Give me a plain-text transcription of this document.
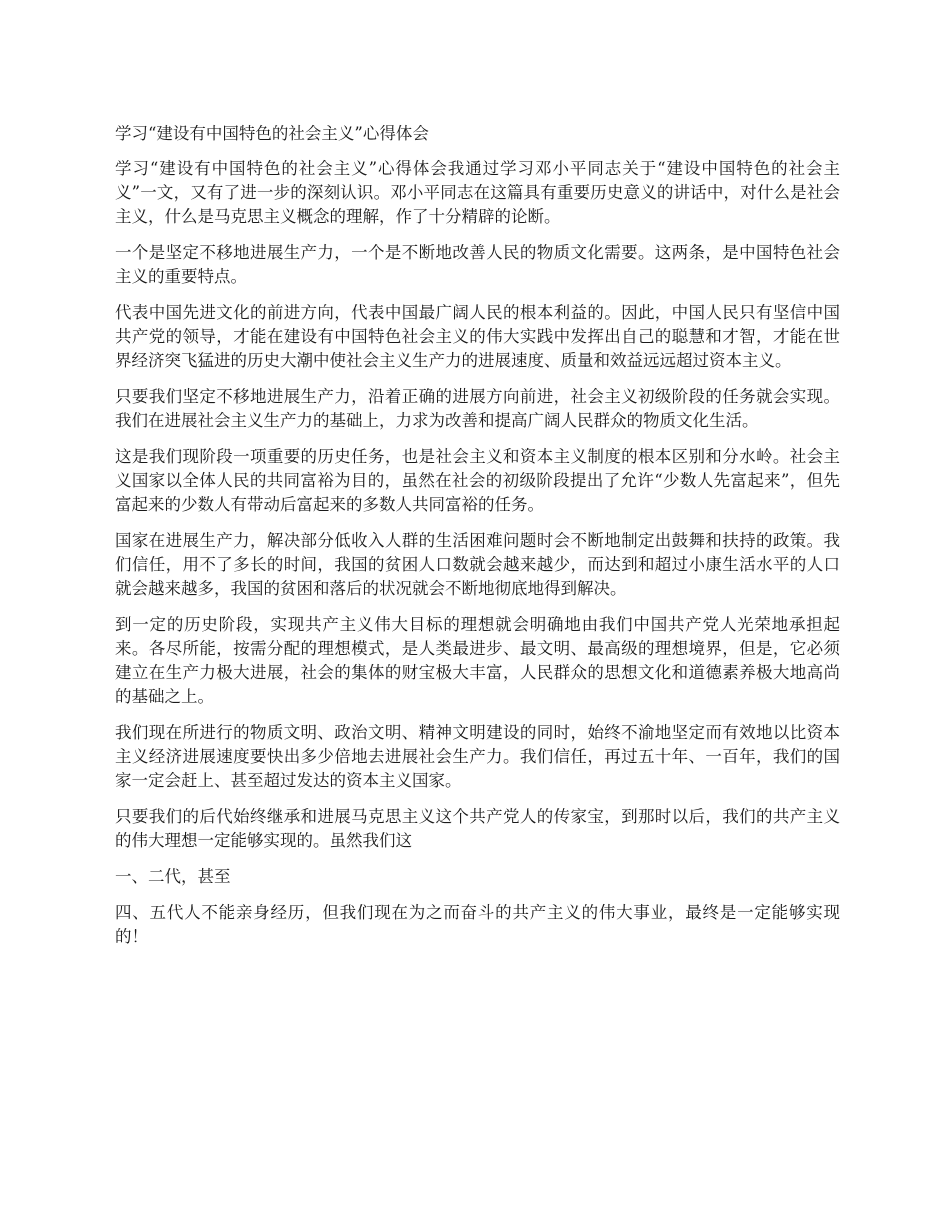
学习“建设有中国特色的社会主义”心得体会

学习“建设有中国特色的社会主义”心得体会我通过学习邓小平同志关于“建设中国特色的社会主义”一文，又有了进一步的深刻认识。邓小平同志在这篇具有重要历史意义的讲话中，对什么是社会主义，什么是马克思主义概念的理解，作了十分精辟的论断。

一个是坚定不移地进展生产力，一个是不断地改善人民的物质文化需要。这两条，是中国特色社会主义的重要特点。

代表中国先进文化的前进方向，代表中国最广阔人民的根本利益的。因此，中国人民只有坚信中国共产党的领导，才能在建设有中国特色社会主义的伟大实践中发挥出自己的聪慧和才智，才能在世界经济突飞猛进的历史大潮中使社会主义生产力的进展速度、质量和效益远远超过资本主义。

只要我们坚定不移地进展生产力，沿着正确的进展方向前进，社会主义初级阶段的任务就会实现。我们在进展社会主义生产力的基础上，力求为改善和提高广阔人民群众的物质文化生活。

这是我们现阶段一项重要的历史任务，也是社会主义和资本主义制度的根本区别和分水岭。社会主义国家以全体人民的共同富裕为目的，虽然在社会的初级阶段提出了允许“少数人先富起来”，但先富起来的少数人有带动后富起来的多数人共同富裕的任务。

国家在进展生产力，解决部分低收入人群的生活困难问题时会不断地制定出鼓舞和扶持的政策。我们信任，用不了多长的时间，我国的贫困人口数就会越来越少，而达到和超过小康生活水平的人口就会越来越多，我国的贫困和落后的状况就会不断地彻底地得到解决。

到一定的历史阶段，实现共产主义伟大目标的理想就会明确地由我们中国共产党人光荣地承担起来。各尽所能，按需分配的理想模式，是人类最进步、最文明、最高级的理想境界，但是，它必须建立在生产力极大进展，社会的集体的财宝极大丰富，人民群众的思想文化和道德素养极大地高尚的基础之上。

我们现在所进行的物质文明、政治文明、精神文明建设的同时，始终不渝地坚定而有效地以比资本主义经济进展速度要快出多少倍地去进展社会生产力。我们信任，再过五十年、一百年，我们的国家一定会赶上、甚至超过发达的资本主义国家。

只要我们的后代始终继承和进展马克思主义这个共产党人的传家宝，到那时以后，我们的共产主义的伟大理想一定能够实现的。虽然我们这

一、二代，甚至

四、五代人不能亲身经历，但我们现在为之而奋斗的共产主义的伟大事业，最终是一定能够实现的！
